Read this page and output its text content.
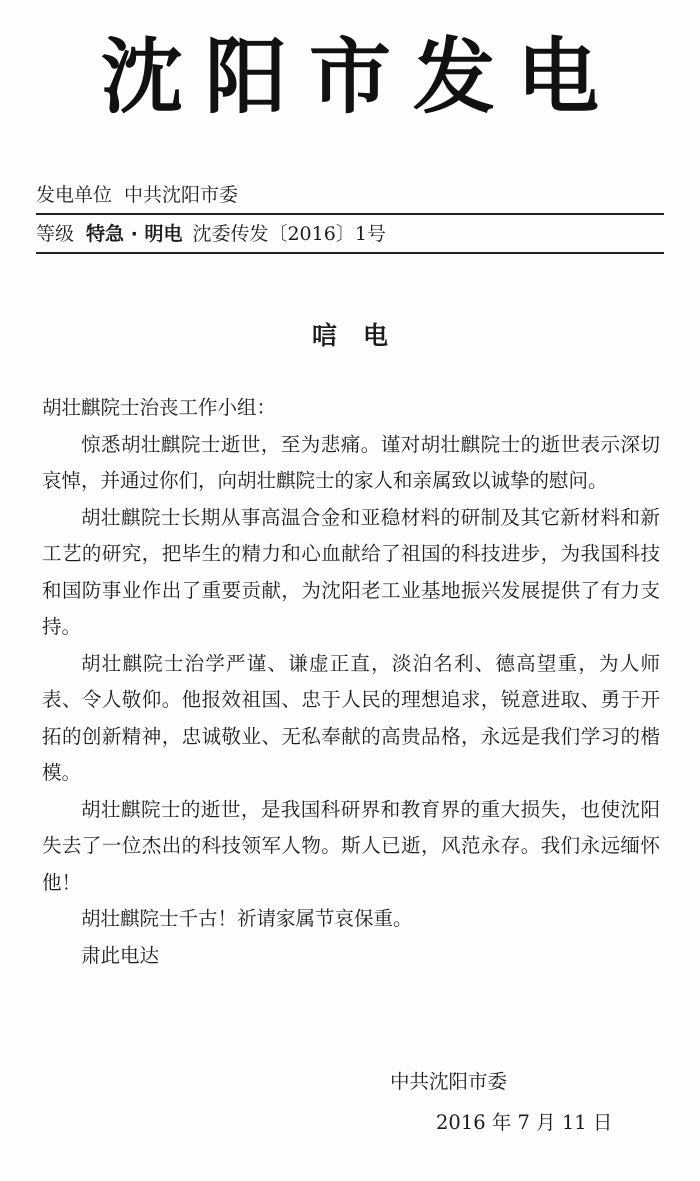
沈阳市发电
发电单位 中共沈阳市委
等级 特急 · 明电 沈委传发〔2016〕1号
唁电

胡壮麒院士治丧工作小组：

惊悉胡壮麒院士逝世，至为悲痛。谨对胡壮麒院士的逝世表示深切哀悼，并通过你们，向胡壮麒院士的家人和亲属致以诚挚的慰问。

胡壮麒院士长期从事高温合金和亚稳材料的研制及其它新材料和新工艺的研究，把毕生的精力和心血献给了祖国的科技进步，为我国科技和国防事业作出了重要贡献，为沈阳老工业基地振兴发展提供了有力支持。

胡壮麒院士治学严谨、谦虚正直，淡泊名利、德高望重，为人师表、令人敬仰。他报效祖国、忠于人民的理想追求，锐意进取、勇于开拓的创新精神，忠诚敬业、无私奉献的高贵品格，永远是我们学习的楷模。

胡壮麒院士的逝世，是我国科研界和教育界的重大损失，也使沈阳失去了一位杰出的科技领军人物。斯人已逝，风范永存。我们永远缅怀他！

胡壮麒院士千古！祈请家属节哀保重。

肃此电达

中共沈阳市委
2016 年 7 月 11 日
